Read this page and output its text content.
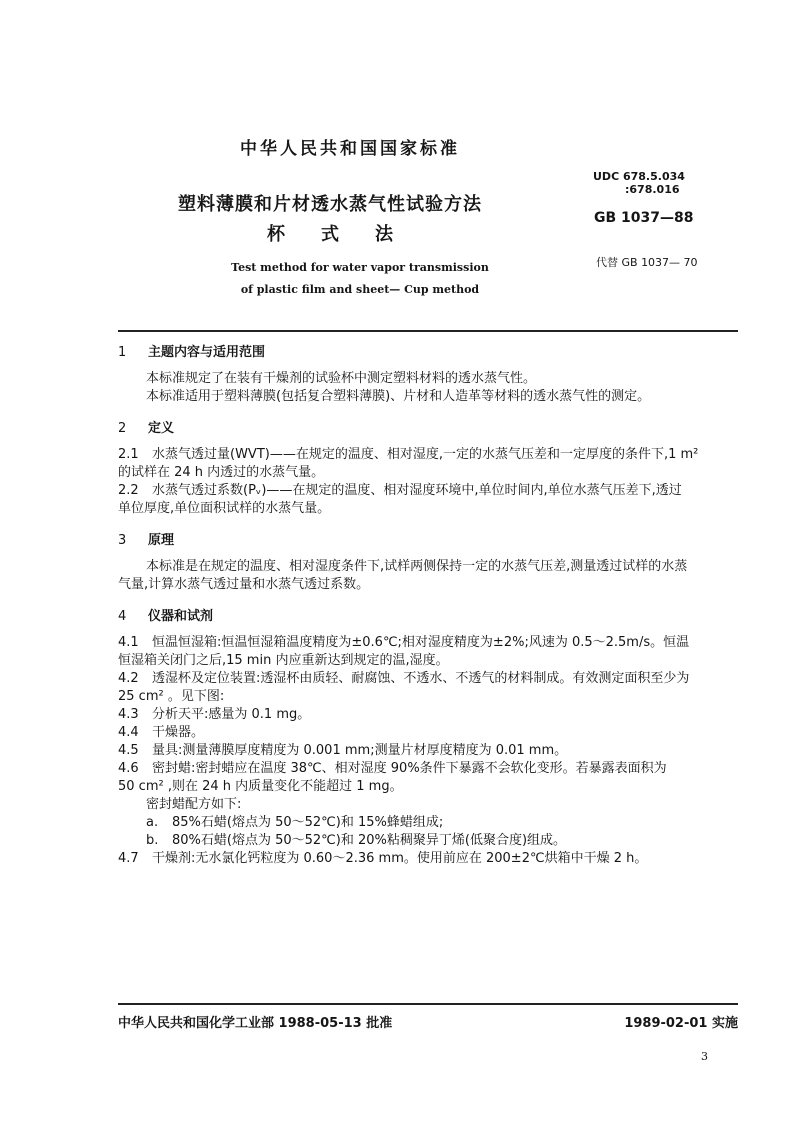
中华人民共和国国家标准
塑料薄膜和片材透水蒸气性试验方法
杯式法
Test method for water vapor transmission
of plastic film and sheet— Cup method
UDC 678.5.034
:678.016
GB 1037—88
代替 GB 1037— 70
1 主题内容与适用范围

本标准规定了在装有干燥剂的试验杯中测定塑料材料的透水蒸气性。

本标准适用于塑料薄膜(包括复合塑料薄膜)、片材和人造革等材料的透水蒸气性的测定。

2 定义

2.1 水蒸气透过量(WVT)——在规定的温度、相对湿度,一定的水蒸气压差和一定厚度的条件下,1 m²

的试样在 24 h 内透过的水蒸气量。

2.2 水蒸气透过系数(Pᵥ)——在规定的温度、相对湿度环境中,单位时间内,单位水蒸气压差下,透过

单位厚度,单位面积试样的水蒸气量。

3 原理

本标准是在规定的温度、相对湿度条件下,试样两侧保持一定的水蒸气压差,测量透过试样的水蒸

气量,计算水蒸气透过量和水蒸气透过系数。

4 仪器和试剂

4.1 恒温恒湿箱:恒温恒湿箱温度精度为±0.6℃;相对湿度精度为±2%;风速为 0.5～2.5m/s。恒温

恒湿箱关闭门之后,15 min 内应重新达到规定的温,湿度。

4.2 透湿杯及定位装置:透湿杯由质轻、耐腐蚀、不透水、不透气的材料制成。有效测定面积至少为

25 cm² 。见下图:

4.3 分析天平:感量为 0.1 mg。

4.4 干燥器。

4.5 量具:测量薄膜厚度精度为 0.001 mm;测量片材厚度精度为 0.01 mm。

4.6 密封蜡:密封蜡应在温度 38℃、相对湿度 90%条件下暴露不会软化变形。若暴露表面积为

50 cm² ,则在 24 h 内质量变化不能超过 1 mg。

密封蜡配方如下:

a. 85%石蜡(熔点为 50～52℃)和 15%蜂蜡组成;

b. 80%石蜡(熔点为 50～52℃)和 20%粘稠聚异丁烯(低聚合度)组成。

4.7 干燥剂:无水氯化钙粒度为 0.60～2.36 mm。使用前应在 200±2℃烘箱中干燥 2 h。

中华人民共和国化学工业部 1988-05-13 批准	1989-02-01 实施
3
